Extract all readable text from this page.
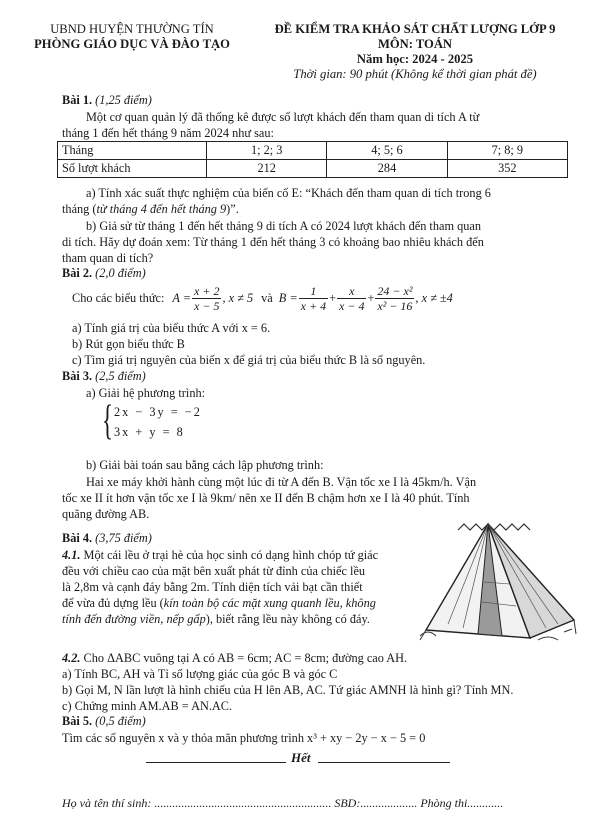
UBND HUYỆN THƯỜNG TÍN
PHÒNG GIÁO DỤC VÀ ĐÀO TẠO
ĐỀ KIỂM TRA KHẢO SÁT CHẤT LƯỢNG LỚP 9
MÔN: TOÁN
Năm học: 2024 - 2025
Thời gian: 90 phút (Không kể thời gian phát đề)

Bài 1. (1,25 điểm)

Một cơ quan quản lý đã thống kê được số lượt khách đến tham quan di tích A từ

tháng 1 đến hết tháng 9 năm 2024 như sau:

Tháng	1; 2; 3	4; 5; 6	7; 8; 9
Số lượt khách	212	284	352

a) Tính xác suất thực nghiệm của biến cố E: “Khách đến tham quan di tích trong 6

tháng (từ tháng 4 đến hết tháng 9)”.

b) Giả sử từ tháng 1 đến hết tháng 9 di tích A có 2024 lượt khách đến tham quan

di tích. Hãy dự đoán xem: Từ tháng 1 đến hết tháng 3 có khoảng bao nhiêu khách đến

tham quan di tích?

Bài 2. (2,0 điểm)

Cho các biểu thức: $A = \frac{x + 2}{x - 5}$ , x ≠ 5 và $B = \frac{1}{x + 4} + \frac{x}{x - 4} + \frac{\text{24 − x²}}{\text{x² − 16}}$ , x ≠ ±4

a) Tính giá trị của biểu thức A với x = 6.

b) Rút gọn biểu thức B

c) Tìm giá trị nguyên của biến x để giá trị của biểu thức B là số nguyên.

Bài 3. (2,5 điểm)

a) Giải hệ phương trình:

{ 2x − 3y = −2
3x + y = 8

b) Giải bài toán sau bằng cách lập phương trình:

Hai xe máy khởi hành cùng một lúc đi từ A đến B. Vận tốc xe I là 45km/h. Vận

tốc xe II ít hơn vận tốc xe I là 9km/ nên xe II đến B chậm hơn xe I là 40 phút. Tính

quãng đường AB.

Bài 4. (3,75 điểm)

4.1. Một cái lều ở trại hè của học sinh có dạng hình chóp tứ giác

đều với chiều cao của mặt bên xuất phát từ đỉnh của chiếc lều

là 2,8m và cạnh đáy bằng 2m. Tính diện tích vải bạt cần thiết

để vừa đủ dựng lều (kín toàn bộ các mặt xung quanh lều, không

tính đến đường viền, nếp gấp), biết rằng lều này không có đáy.

4.2. Cho ΔABC vuông tại A có AB = 6cm; AC = 8cm; đường cao AH.

a) Tính BC, AH và Tỉ số lượng giác của góc B và góc C

b) Gọi M, N lần lượt là hình chiếu của H lên AB, AC. Tứ giác AMNH là hình gì? Tính MN.

c) Chứng minh AM.AB = AN.AC.

Bài 5. (0,5 điểm)

Tìm các số nguyên x và y thỏa mãn phương trình x³ + xy − 2y − x − 5 = 0

Hết

Họ và tên thí sinh: ........................................................... SBD:................... Phòng thi............
